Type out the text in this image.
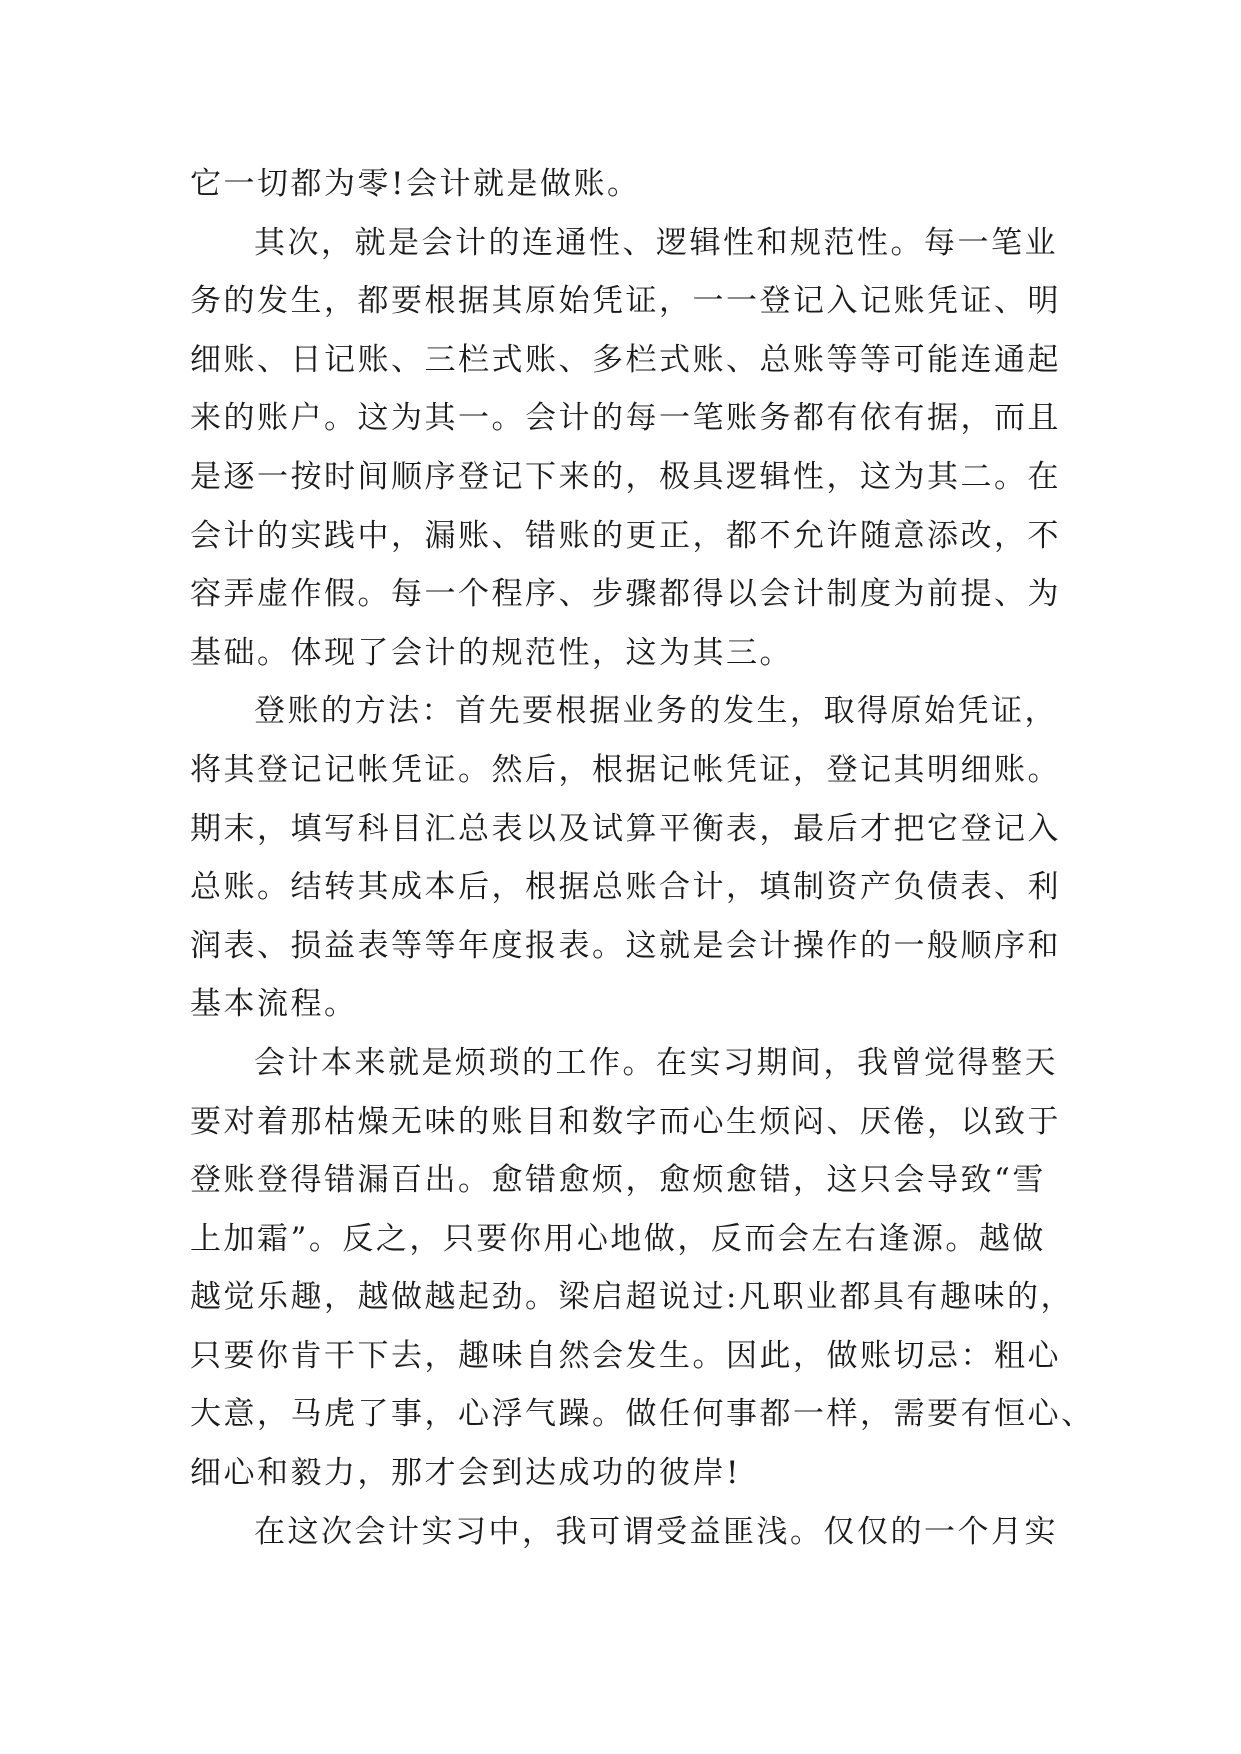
它一切都为零!会计就是做账。
其次，就是会计的连通性、逻辑性和规范性。每一笔业
务的发生，都要根据其原始凭证，一一登记入记账凭证、明
细账、日记账、三栏式账、多栏式账、总账等等可能连通起
来的账户。这为其一。会计的每一笔账务都有依有据，而且
是逐一按时间顺序登记下来的，极具逻辑性，这为其二。在
会计的实践中，漏账、错账的更正，都不允许随意添改，不
容弄虚作假。每一个程序、步骤都得以会计制度为前提、为
基础。体现了会计的规范性，这为其三。
登账的方法：首先要根据业务的发生，取得原始凭证，
将其登记记帐凭证。然后，根据记帐凭证，登记其明细账。
期末，填写科目汇总表以及试算平衡表，最后才把它登记入
总账。结转其成本后，根据总账合计，填制资产负债表、利
润表、损益表等等年度报表。这就是会计操作的一般顺序和
基本流程。
会计本来就是烦琐的工作。在实习期间，我曾觉得整天
要对着那枯燥无味的账目和数字而心生烦闷、厌倦，以致于
登账登得错漏百出。愈错愈烦，愈烦愈错，这只会导致“雪
上加霜”。反之，只要你用心地做，反而会左右逢源。越做
越觉乐趣，越做越起劲。梁启超说过:凡职业都具有趣味的，
只要你肯干下去，趣味自然会发生。因此，做账切忌：粗心
大意，马虎了事，心浮气躁。做任何事都一样，需要有恒心、
细心和毅力，那才会到达成功的彼岸!
在这次会计实习中，我可谓受益匪浅。仅仅的一个月实
